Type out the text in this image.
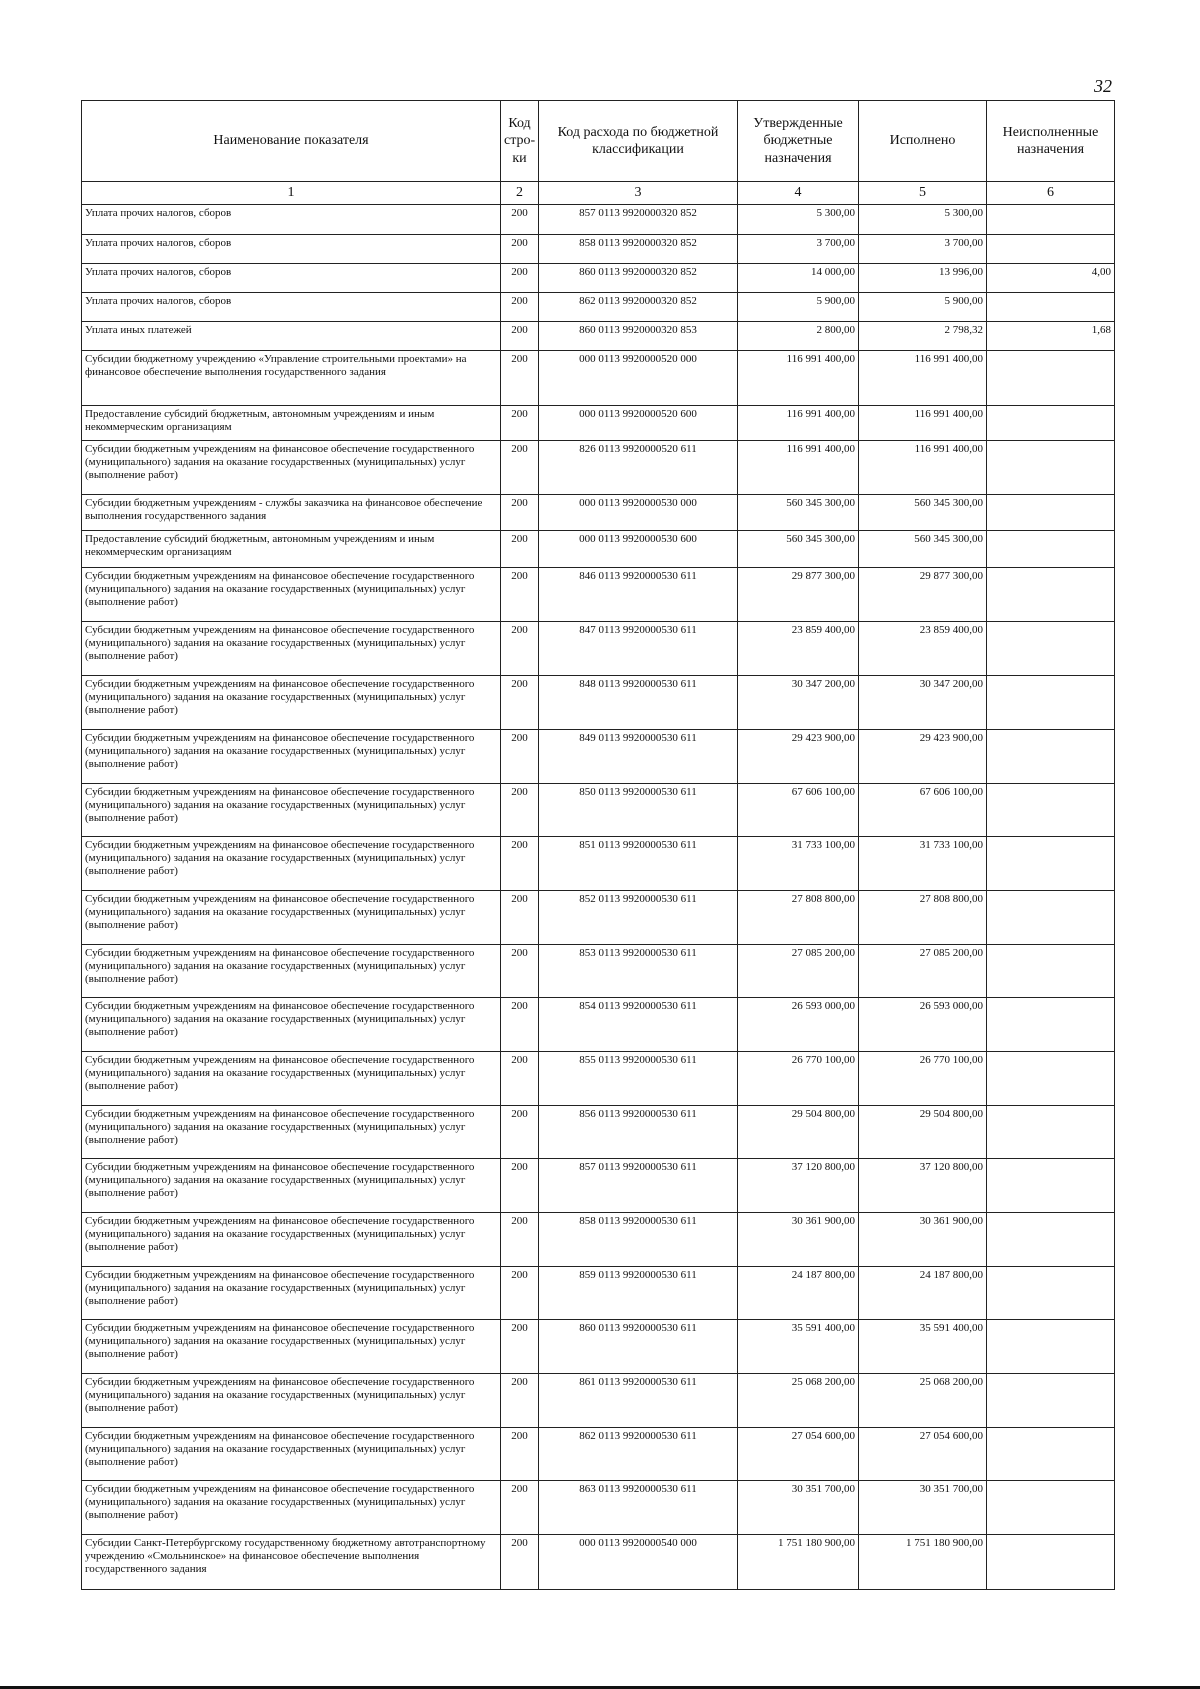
32
Наименование показателя	Код стро-ки	Код расхода по бюджетной классификации	Утвержденные бюджетные назначения	Исполнено	Неисполненные назначения
1	2	3	4	5	6
Уплата прочих налогов, сборов	200	857 0113 9920000320 852	5 300,00	5 300,00	
Уплата прочих налогов, сборов	200	858 0113 9920000320 852	3 700,00	3 700,00	
Уплата прочих налогов, сборов	200	860 0113 9920000320 852	14 000,00	13 996,00	4,00
Уплата прочих налогов, сборов	200	862 0113 9920000320 852	5 900,00	5 900,00	
Уплата иных платежей	200	860 0113 9920000320 853	2 800,00	2 798,32	1,68
Субсидии бюджетному учреждению «Управление строительными проектами» на финансовое обеспечение выполнения государственного задания	200	000 0113 9920000520 000	116 991 400,00	116 991 400,00	
Предоставление субсидий бюджетным, автономным учреждениям и иным некоммерческим организациям	200	000 0113 9920000520 600	116 991 400,00	116 991 400,00	
Субсидии бюджетным учреждениям на финансовое обеспечение государственного (муниципального) задания на оказание государственных (муниципальных) услуг (выполнение работ)	200	826 0113 9920000520 611	116 991 400,00	116 991 400,00	
Субсидии бюджетным учреждениям - службы заказчика на финансовое обеспечение выполнения государственного задания	200	000 0113 9920000530 000	560 345 300,00	560 345 300,00	
Предоставление субсидий бюджетным, автономным учреждениям и иным некоммерческим организациям	200	000 0113 9920000530 600	560 345 300,00	560 345 300,00	
Субсидии бюджетным учреждениям на финансовое обеспечение государственного (муниципального) задания на оказание государственных (муниципальных) услуг (выполнение работ)	200	846 0113 9920000530 611	29 877 300,00	29 877 300,00	
Субсидии бюджетным учреждениям на финансовое обеспечение государственного (муниципального) задания на оказание государственных (муниципальных) услуг (выполнение работ)	200	847 0113 9920000530 611	23 859 400,00	23 859 400,00	
Субсидии бюджетным учреждениям на финансовое обеспечение государственного (муниципального) задания на оказание государственных (муниципальных) услуг (выполнение работ)	200	848 0113 9920000530 611	30 347 200,00	30 347 200,00	
Субсидии бюджетным учреждениям на финансовое обеспечение государственного (муниципального) задания на оказание государственных (муниципальных) услуг (выполнение работ)	200	849 0113 9920000530 611	29 423 900,00	29 423 900,00	
Субсидии бюджетным учреждениям на финансовое обеспечение государственного (муниципального) задания на оказание государственных (муниципальных) услуг (выполнение работ)	200	850 0113 9920000530 611	67 606 100,00	67 606 100,00	
Субсидии бюджетным учреждениям на финансовое обеспечение государственного (муниципального) задания на оказание государственных (муниципальных) услуг (выполнение работ)	200	851 0113 9920000530 611	31 733 100,00	31 733 100,00	
Субсидии бюджетным учреждениям на финансовое обеспечение государственного (муниципального) задания на оказание государственных (муниципальных) услуг (выполнение работ)	200	852 0113 9920000530 611	27 808 800,00	27 808 800,00	
Субсидии бюджетным учреждениям на финансовое обеспечение государственного (муниципального) задания на оказание государственных (муниципальных) услуг (выполнение работ)	200	853 0113 9920000530 611	27 085 200,00	27 085 200,00	
Субсидии бюджетным учреждениям на финансовое обеспечение государственного (муниципального) задания на оказание государственных (муниципальных) услуг (выполнение работ)	200	854 0113 9920000530 611	26 593 000,00	26 593 000,00	
Субсидии бюджетным учреждениям на финансовое обеспечение государственного (муниципального) задания на оказание государственных (муниципальных) услуг (выполнение работ)	200	855 0113 9920000530 611	26 770 100,00	26 770 100,00	
Субсидии бюджетным учреждениям на финансовое обеспечение государственного (муниципального) задания на оказание государственных (муниципальных) услуг (выполнение работ)	200	856 0113 9920000530 611	29 504 800,00	29 504 800,00	
Субсидии бюджетным учреждениям на финансовое обеспечение государственного (муниципального) задания на оказание государственных (муниципальных) услуг (выполнение работ)	200	857 0113 9920000530 611	37 120 800,00	37 120 800,00	
Субсидии бюджетным учреждениям на финансовое обеспечение государственного (муниципального) задания на оказание государственных (муниципальных) услуг (выполнение работ)	200	858 0113 9920000530 611	30 361 900,00	30 361 900,00	
Субсидии бюджетным учреждениям на финансовое обеспечение государственного (муниципального) задания на оказание государственных (муниципальных) услуг (выполнение работ)	200	859 0113 9920000530 611	24 187 800,00	24 187 800,00	
Субсидии бюджетным учреждениям на финансовое обеспечение государственного (муниципального) задания на оказание государственных (муниципальных) услуг (выполнение работ)	200	860 0113 9920000530 611	35 591 400,00	35 591 400,00	
Субсидии бюджетным учреждениям на финансовое обеспечение государственного (муниципального) задания на оказание государственных (муниципальных) услуг (выполнение работ)	200	861 0113 9920000530 611	25 068 200,00	25 068 200,00	
Субсидии бюджетным учреждениям на финансовое обеспечение государственного (муниципального) задания на оказание государственных (муниципальных) услуг (выполнение работ)	200	862 0113 9920000530 611	27 054 600,00	27 054 600,00	
Субсидии бюджетным учреждениям на финансовое обеспечение государственного (муниципального) задания на оказание государственных (муниципальных) услуг (выполнение работ)	200	863 0113 9920000530 611	30 351 700,00	30 351 700,00	
Субсидии Санкт-Петербургскому государственному бюджетному автотранспортному учреждению «Смольнинское» на финансовое обеспечение выполнения государственного задания	200	000 0113 9920000540 000	1 751 180 900,00	1 751 180 900,00	
